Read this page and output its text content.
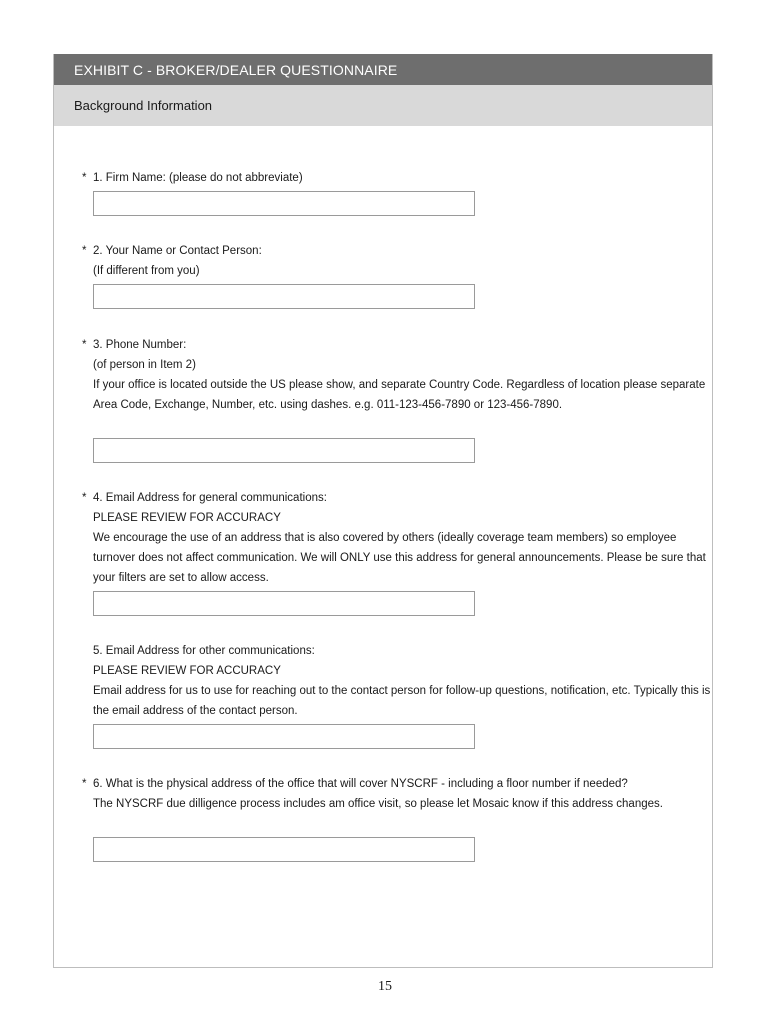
EXHIBIT C - BROKER/DEALER QUESTIONNAIRE
Background Information
* 1. Firm Name: (please do not abbreviate)
* 2. Your Name or Contact Person:
(If different from you)
* 3. Phone Number:
(of person in Item 2)
If your office is located outside the US please show, and separate Country Code. Regardless of location please separate Area Code, Exchange, Number, etc. using dashes. e.g. 011-123-456-7890 or 123-456-7890.
* 4. Email Address for general communications:
PLEASE REVIEW FOR ACCURACY
We encourage the use of an address that is also covered by others (ideally coverage team members) so employee turnover does not affect communication. We will ONLY use this address for general announcements. Please be sure that your filters are set to allow access.
5. Email Address for other communications:
PLEASE REVIEW FOR ACCURACY
Email address for us to use for reaching out to the contact person for follow-up questions, notification, etc. Typically this is the email address of the contact person.
* 6. What is the physical address of the office that will cover NYSCRF - including a floor number if needed?
The NYSCRF due dilligence process includes am office visit, so please let Mosaic know if this address changes.
15
